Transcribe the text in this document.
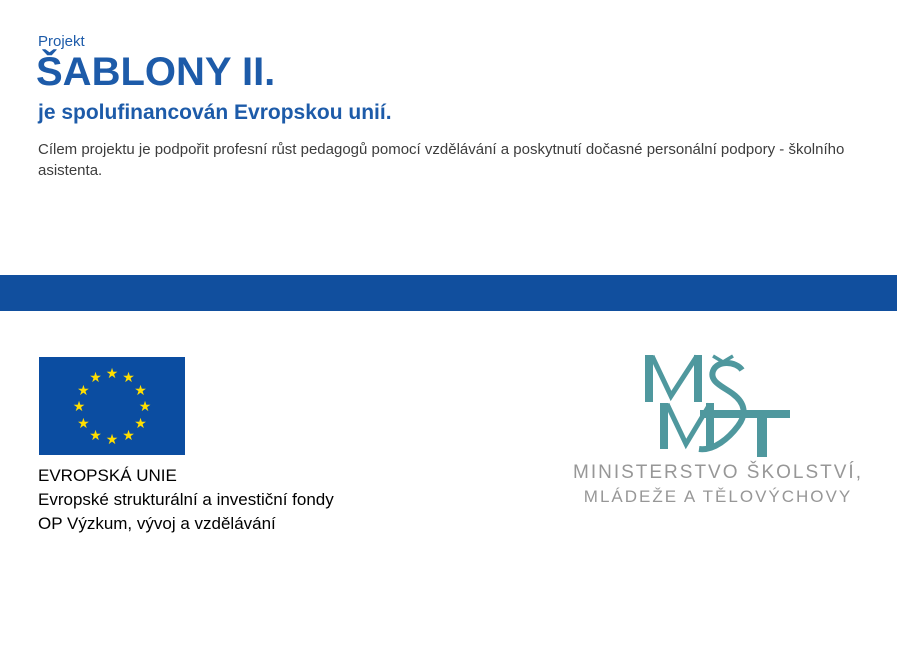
Projekt
ŠABLONY II.
je spolufinancován Evropskou unií.
Cílem projektu je podpořit profesní růst pedagogů pomocí vzdělávání a poskytnutí dočasné personální podpory - školního asistenta.
★ ★
★
★
★
★
★
★
★
★
★
★
EVROPSKÁ UNIE
Evropské strukturální a investiční fondy
OP Výzkum, vývoj a vzdělávání
MINISTERSTVO ŠKOLSTVÍ,
MLÁDEŽE A TĚLOVÝCHOVY
